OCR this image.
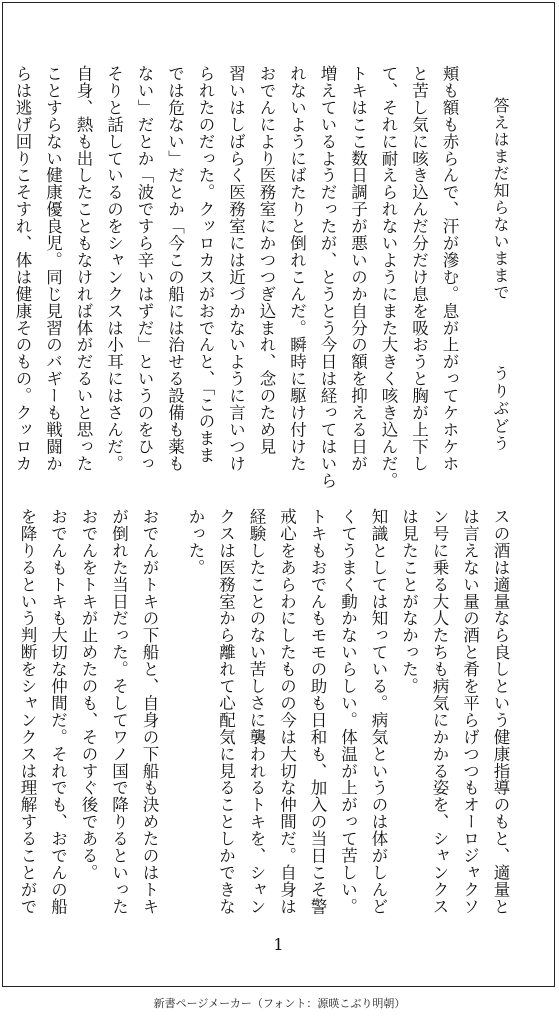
答えはまだ知らないままで
うりぶどう

頬も額も赤らんで、汗が滲む。息が上がってケホケホ

と苦し気に咳き込んだ分だけ息を吸おうと胸が上下し

て、それに耐えられないようにまた大きく咳き込んだ。

トキはここ数日調子が悪いのか自分の額を抑える日が

増えているようだったが、とうとう今日は経ってはいら

れないようにばたりと倒れこんだ。瞬時に駆け付けた

おでんにより医務室にかつつぎ込まれ、念のため見

習いはしばらく医務室には近づかないように言いつけ

られたのだった。クッロカスがおでんと、「このまま

では危ない」だとか「今この船には治せる設備も薬も

ない」だとか「波ですら辛いはずだ」というのをひっ

そりと話しているのをシャンクスは小耳にはさんだ。

自身、熱も出したこともなければ体がだるいと思った

ことすらない健康優良児。同じ見習のバギーも戦闘か

らは逃げ回りこそすれ、体は健康そのもの。クッロカ

スの酒は適量なら良しという健康指導のもと、適量と

は言えない量の酒と肴を平らげつつもオーロジャクソ

ン号に乗る大人たちも病気にかかる姿を、シャンクス

は見たことがなかった。

知識としては知っている。病気というのは体がしんど

くてうまく動かないらしい。体温が上がって苦しい。

トキもおでんもモモの助も日和も、加入の当日こそ警

戒心をあらわにしたものの今は大切な仲間だ。自身は

経験したことのない苦しさに襲われるトキを、シャン

クスは医務室から離れて心配気に見ることしかできな

かった。

おでんがトキの下船と、自身の下船も決めたのはトキ

が倒れた当日だった。そしてワノ国で降りるといった

おでんをトキが止めたのも、そのすぐ後である。

おでんもトキも大切な仲間だ。それでも、おでんの船

を降りるという判断をシャンクスは理解することがで

1
新書ページメーカー（フォント：源暎こぶり明朝）
